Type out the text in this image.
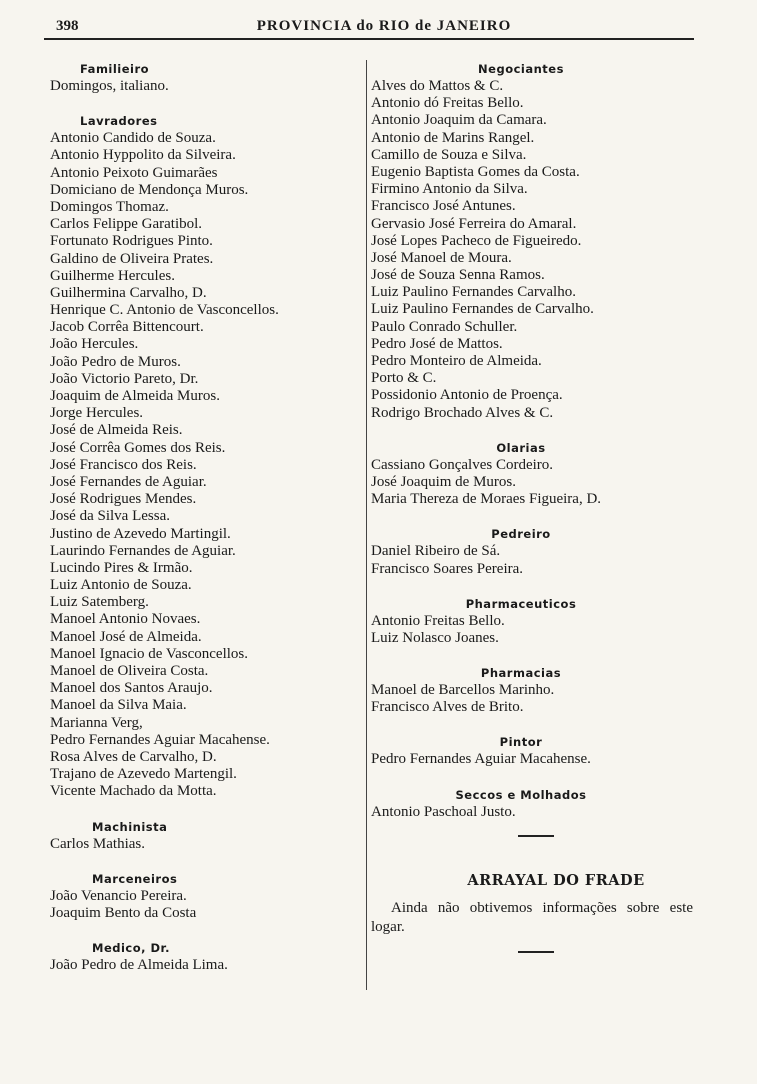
398	PROVINCIA do RIO de JANEIRO
Familieiro
Domingos, italiano.
Lavradores
Antonio Candido de Souza.
Antonio Hyppolito da Silveira.
Antonio Peixoto Guimarães
Domiciano de Mendonça Muros.
Domingos Thomaz.
Carlos Felippe Garatibol.
Fortunato Rodrigues Pinto.
Galdino de Oliveira Prates.
Guilherme Hercules.
Guilhermina Carvalho, D.
Henrique C. Antonio de Vasconcellos.
Jacob Corrêa Bittencourt.
João Hercules.
João Pedro de Muros.
João Victorio Pareto, Dr.
Joaquim de Almeida Muros.
Jorge Hercules.
José de Almeida Reis.
José Corrêa Gomes dos Reis.
José Francisco dos Reis.
José Fernandes de Aguiar.
José Rodrigues Mendes.
José da Silva Lessa.
Justino de Azevedo Martingil.
Laurindo Fernandes de Aguiar.
Lucindo Pires & Irmão.
Luiz Antonio de Souza.
Luiz Satemberg.
Manoel Antonio Novaes.
Manoel José de Almeida.
Manoel Ignacio de Vasconcellos.
Manoel de Oliveira Costa.
Manoel dos Santos Araujo.
Manoel da Silva Maia.
Marianna Verg,
Pedro Fernandes Aguiar Macahense.
Rosa Alves de Carvalho, D.
Trajano de Azevedo Martengil.
Vicente Machado da Motta.
Machinista
Carlos Mathias.
Marceneiros
João Venancio Pereira.
Joaquim Bento da Costa
Medico, Dr.
João Pedro de Almeida Lima.
Negociantes
Alves do Mattos & C.
Antonio dó Freitas Bello.
Antonio Joaquim da Camara.
Antonio de Marins Rangel.
Camillo de Souza e Silva.
Eugenio Baptista Gomes da Costa.
Firmino Antonio da Silva.
Francisco José Antunes.
Gervasio José Ferreira do Amaral.
José Lopes Pacheco de Figueiredo.
José Manoel de Moura.
José de Souza Senna Ramos.
Luiz Paulino Fernandes Carvalho.
Luiz Paulino Fernandes de Carvalho.
Paulo Conrado Schuller.
Pedro José de Mattos.
Pedro Monteiro de Almeida.
Porto & C.
Possidonio Antonio de Proença.
Rodrigo Brochado Alves & C.
Olarias
Cassiano Gonçalves Cordeiro.
José Joaquim de Muros.
Maria Thereza de Moraes Figueira, D.
Pedreiro
Daniel Ribeiro de Sá.
Francisco Soares Pereira.
Pharmaceuticos
Antonio Freitas Bello.
Luiz Nolasco Joanes.
Pharmacias
Manoel de Barcellos Marinho.
Francisco Alves de Brito.
Pintor
Pedro Fernandes Aguiar Macahense.
Seccos e Molhados
Antonio Paschoal Justo.
ARRAYAL DO FRADE
Ainda não obtivemos informações sobre este logar.
